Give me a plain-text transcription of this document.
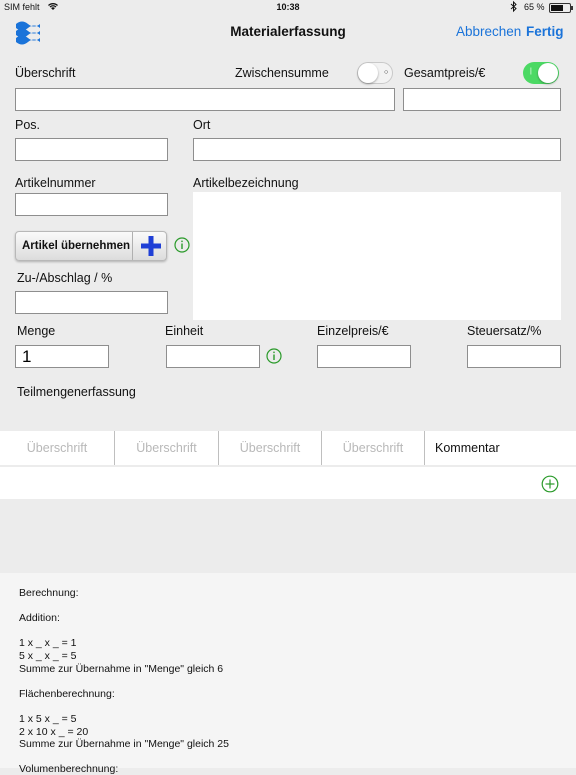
SIM fehlt	10:38	65 %
Materialerfassung	Abbrechen Fertig
Überschrift	Zwischensumme	○ Gesamtpreis/€	|
Pos.	Ort
Artikelnummer	Artikelbezeichnung
Artikel übernehmen
Zu-/Abschlag / %
Menge	Einheit	Einzelpreis/€	Steuersatz/%
1
Teilmengenerfassung
Überschrift	Überschrift	Überschrift	Überschrift	Kommentar
Berechnung:
Addition:
1 x _ x _ = 1
5 x _ x _ = 5
Summe zur Übernahme in "Menge" gleich 6
Flächenberechnung:
1 x 5 x _ = 5
2 x 10 x _ = 20
Summe zur Übernahme in "Menge" gleich 25
Volumenberechnung:
